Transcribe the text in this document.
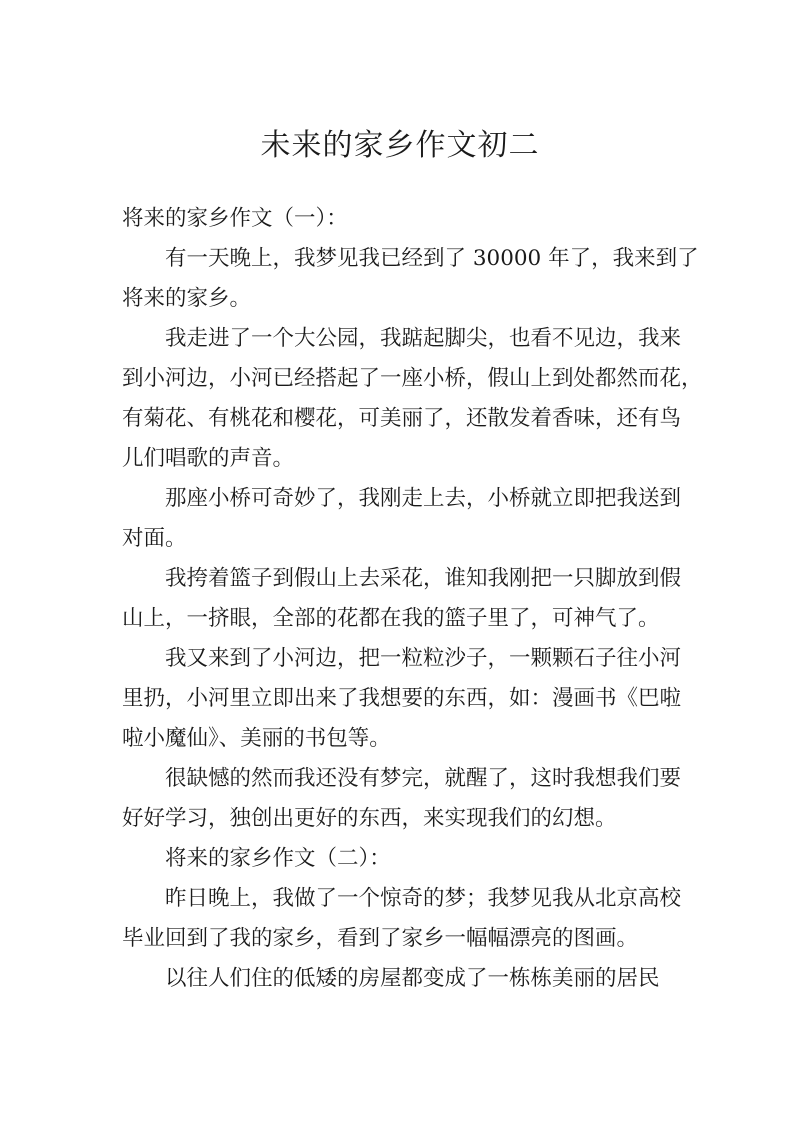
未来的家乡作文初二

将来的家乡作文（一）：

有一天晚上，我梦见我已经到了 30000 年了，我来到了
将来的家乡。

我走进了一个大公园，我踮起脚尖，也看不见边，我来
到小河边，小河已经搭起了一座小桥，假山上到处都然而花，
有菊花、有桃花和樱花，可美丽了，还散发着香味，还有鸟
儿们唱歌的声音。

那座小桥可奇妙了，我刚走上去，小桥就立即把我送到
对面。

我挎着篮子到假山上去采花，谁知我刚把一只脚放到假
山上，一挤眼，全部的花都在我的篮子里了，可神气了。

我又来到了小河边，把一粒粒沙子，一颗颗石子往小河
里扔，小河里立即出来了我想要的东西，如：漫画书《巴啦
啦小魔仙》、美丽的书包等。

很缺憾的然而我还没有梦完，就醒了，这时我想我们要
好好学习，独创出更好的东西，来实现我们的幻想。

将来的家乡作文（二）：

昨日晚上，我做了一个惊奇的梦；我梦见我从北京高校
毕业回到了我的家乡，看到了家乡一幅幅漂亮的图画。

以往人们住的低矮的房屋都变成了一栋栋美丽的居民
